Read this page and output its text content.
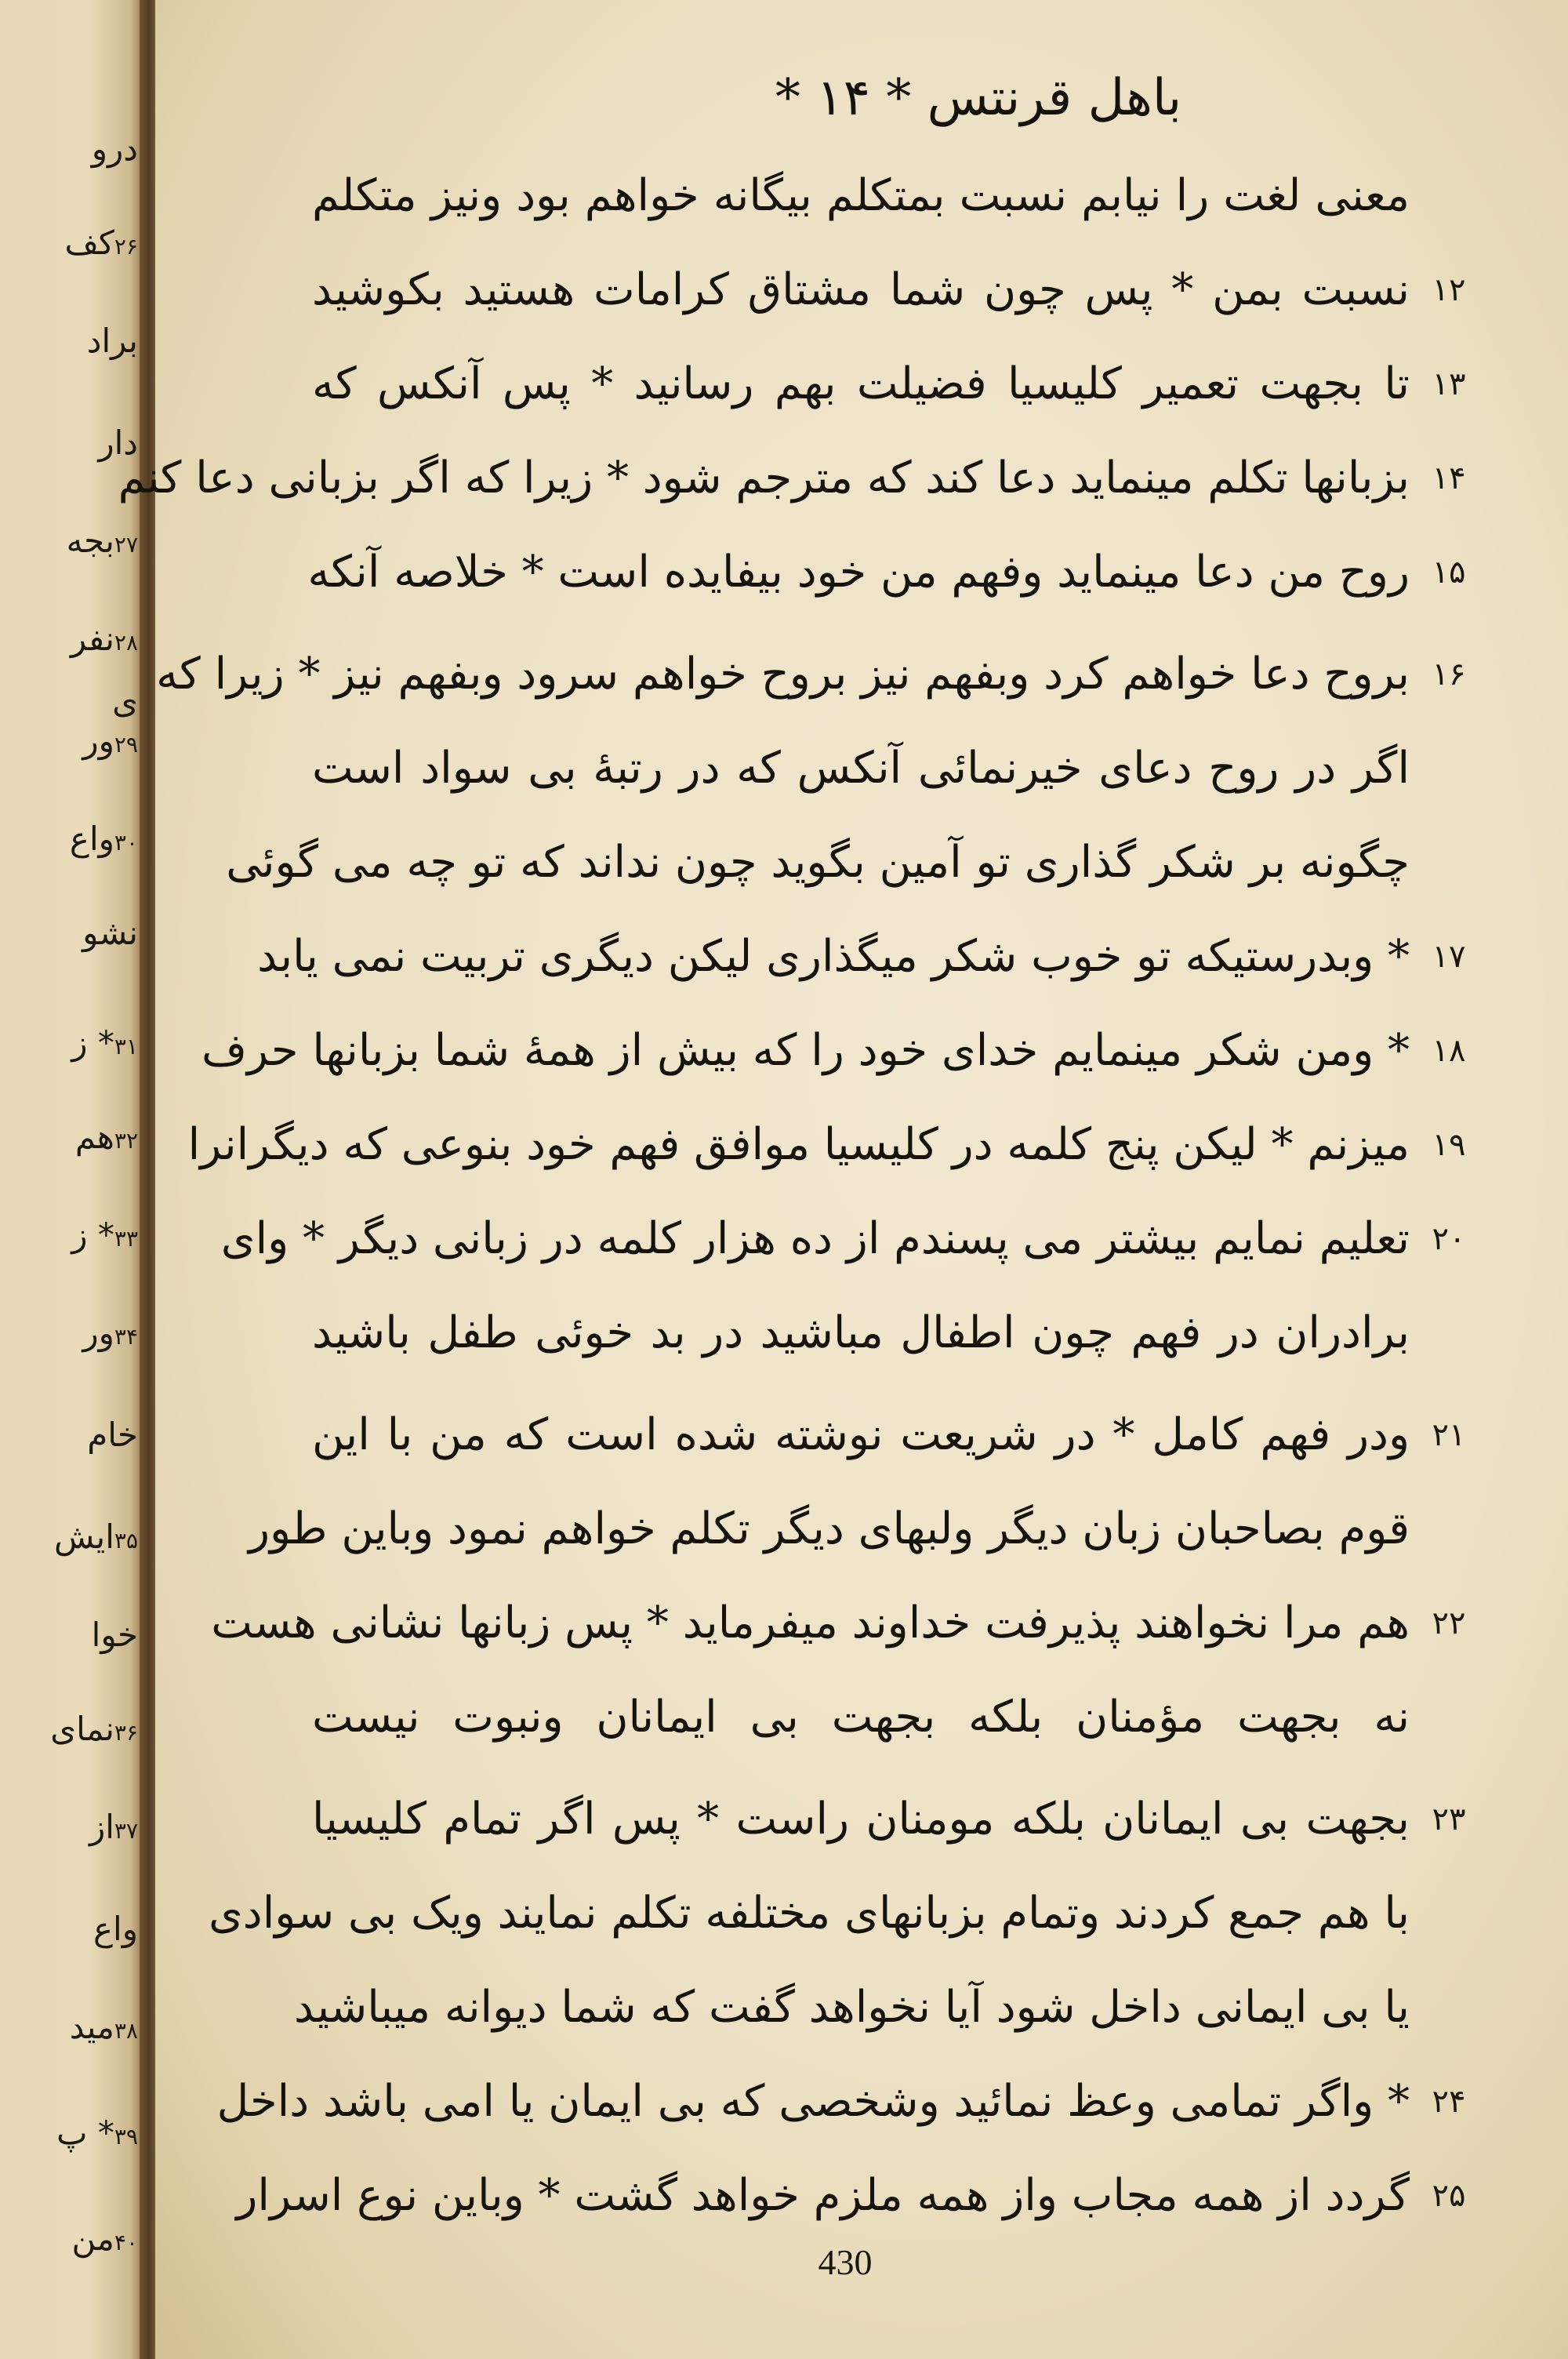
درو
۲۶کف
براد
دار
۲۷بجه
۲۸نفر
ی
۲۹ور
۳۰واع
نشو
۳۱* ز
۳۲هم
۳۳* ز
۳۴ور
خام
۳۵ایش
خوا
۳۶نمای
۳۷از
واع
۳۸مید
۳۹* پ
۴۰من
باهل قرنتس * ۱۴ *
معنی لغت را نیابم نسبت بمتکلم بیگانه خواهم بود ونیز متکلم
نسبت بمن * پس چون شما مشتاق کرامات هستید بکوشید ۱۲
تا بجهت تعمیر کلیسیا فضیلت بهم رسانید * پس آنکس که ۱۳
بزبانها تکلم مینماید دعا کند که مترجم شود * زیرا که اگر بزبانی دعا کنم ۱۴
روح من دعا مینماید وفهم من خود بیفایده است * خلاصه آنکه ۱۵
بروح دعا خواهم کرد وبفهم نیز بروح خواهم سرود وبفهم نیز * زیرا که ۱۶
اگر در روح دعای خیرنمائی آنکس که در رتبهٔ بی سواد است
چگونه بر شکر گذاری تو آمین بگوید چون نداند که تو چه می گوئی
* وبدرستیکه تو خوب شکر میگذاری لیکن دیگری تربیت نمی یابد ۱۷
* ومن شکر مینمایم خدای خود را که بیش از همهٔ شما بزبانها حرف ۱۸
میزنم * لیکن پنج کلمه در کلیسیا موافق فهم خود بنوعی که دیگرانرا ۱۹
تعلیم نمایم بیشتر می پسندم از ده هزار کلمه در زبانی دیگر * وای ۲۰
برادران در فهم چون اطفال مباشید در بد خوئی طفل باشید
ودر فهم کامل * در شریعت نوشته شده است که من با این ۲۱
قوم بصاحبان زبان دیگر ولبهای دیگر تکلم خواهم نمود وباین طور
هم مرا نخواهند پذیرفت خداوند میفرماید * پس زبانها نشانی هست ۲۲
نه بجهت مؤمنان بلکه بجهت بی ایمانان ونبوت نیست
بجهت بی ایمانان بلکه مومنان راست * پس اگر تمام کلیسیا ۲۳
با هم جمع کردند وتمام بزبانهای مختلفه تکلم نمایند ویک بی سوادی
یا بی ایمانی داخل شود آیا نخواهد گفت که شما دیوانه میباشید
* واگر تمامی وعظ نمائید وشخصی که بی ایمان یا امی باشد داخل ۲۴
گردد از همه مجاب واز همه ملزم خواهد گشت * وباین نوع اسرار ۲۵
430
